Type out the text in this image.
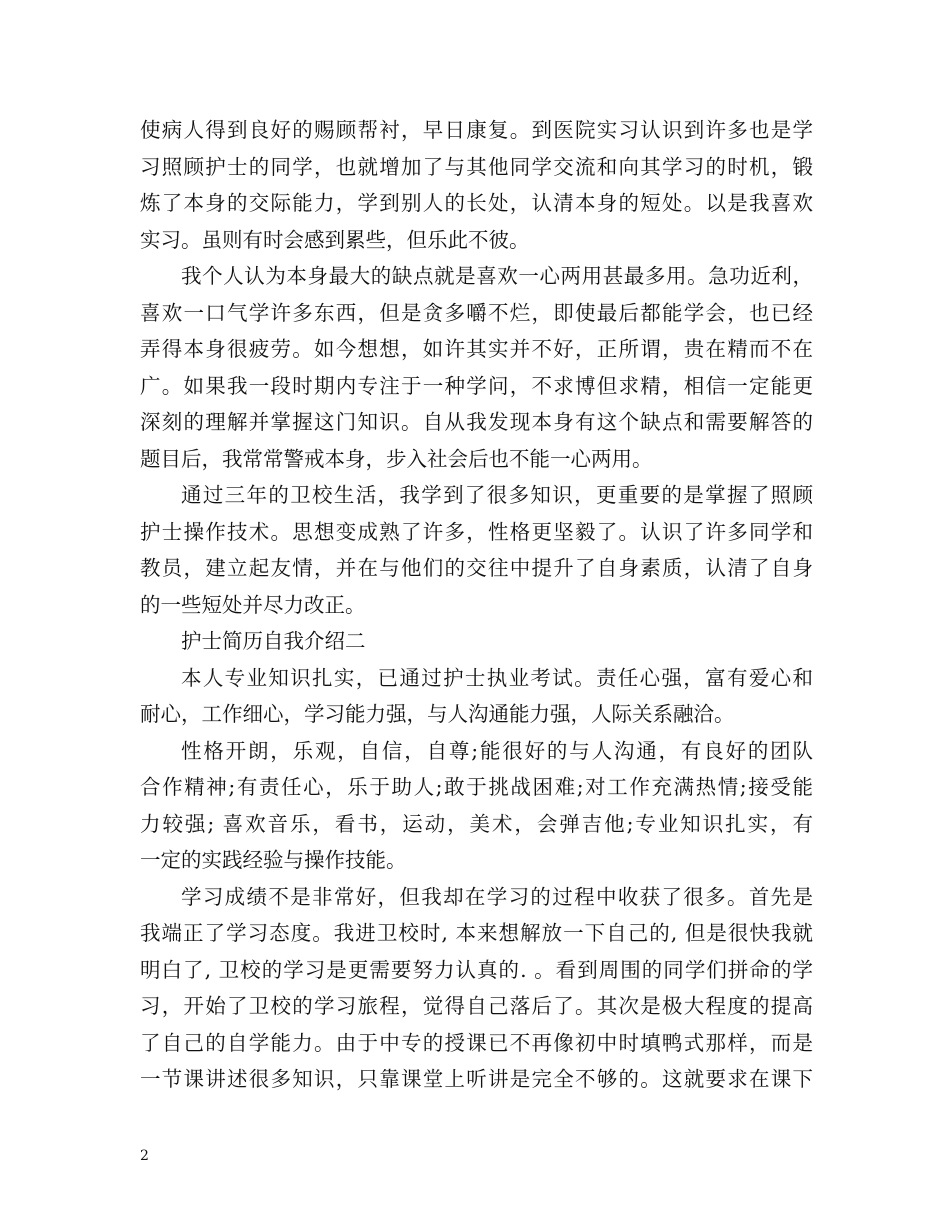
使病人得到良好的赐顾帮衬，早日康复。到医院实习认识到许多也是学
习照顾护士的同学，也就增加了与其他同学交流和向其学习的时机，锻
炼了本身的交际能力，学到别人的长处，认清本身的短处。以是我喜欢
实习。虽则有时会感到累些，但乐此不彼。
我个人认为本身最大的缺点就是喜欢一心两用甚最多用。急功近利，
喜欢一口气学许多东西，但是贪多嚼不烂，即使最后都能学会，也已经
弄得本身很疲劳。如今想想，如许其实并不好，正所谓，贵在精而不在
广。如果我一段时期内专注于一种学问，不求博但求精，相信一定能更
深刻的理解并掌握这门知识。自从我发现本身有这个缺点和需要解答的
题目后，我常常警戒本身，步入社会后也不能一心两用。
通过三年的卫校生活，我学到了很多知识，更重要的是掌握了照顾
护士操作技术。思想变成熟了许多，性格更坚毅了。认识了许多同学和
教员，建立起友情，并在与他们的交往中提升了自身素质，认清了自身
的一些短处并尽力改正。
护士简历自我介绍二
本人专业知识扎实，已通过护士执业考试。责任心强，富有爱心和
耐心，工作细心，学习能力强，与人沟通能力强，人际关系融洽。
性格开朗，乐观，自信，自尊;能很好的与人沟通，有良好的团队
合作精神;有责任心，乐于助人;敢于挑战困难;对工作充满热情;接受能
力较强; 喜欢音乐，看书，运动，美术，会弹吉他;专业知识扎实，有
一定的实践经验与操作技能。
学习成绩不是非常好，但我却在学习的过程中收获了很多。首先是
我端正了学习态度。我进卫校时, 本来想解放一下自己的, 但是很快我就
明白了, 卫校的学习是更需要努力认真的. 。看到周围的同学们拼命的学
习，开始了卫校的学习旅程，觉得自己落后了。其次是极大程度的提高
了自己的自学能力。由于中专的授课已不再像初中时填鸭式那样，而是
一节课讲述很多知识，只靠课堂上听讲是完全不够的。这就要求在课下
2
